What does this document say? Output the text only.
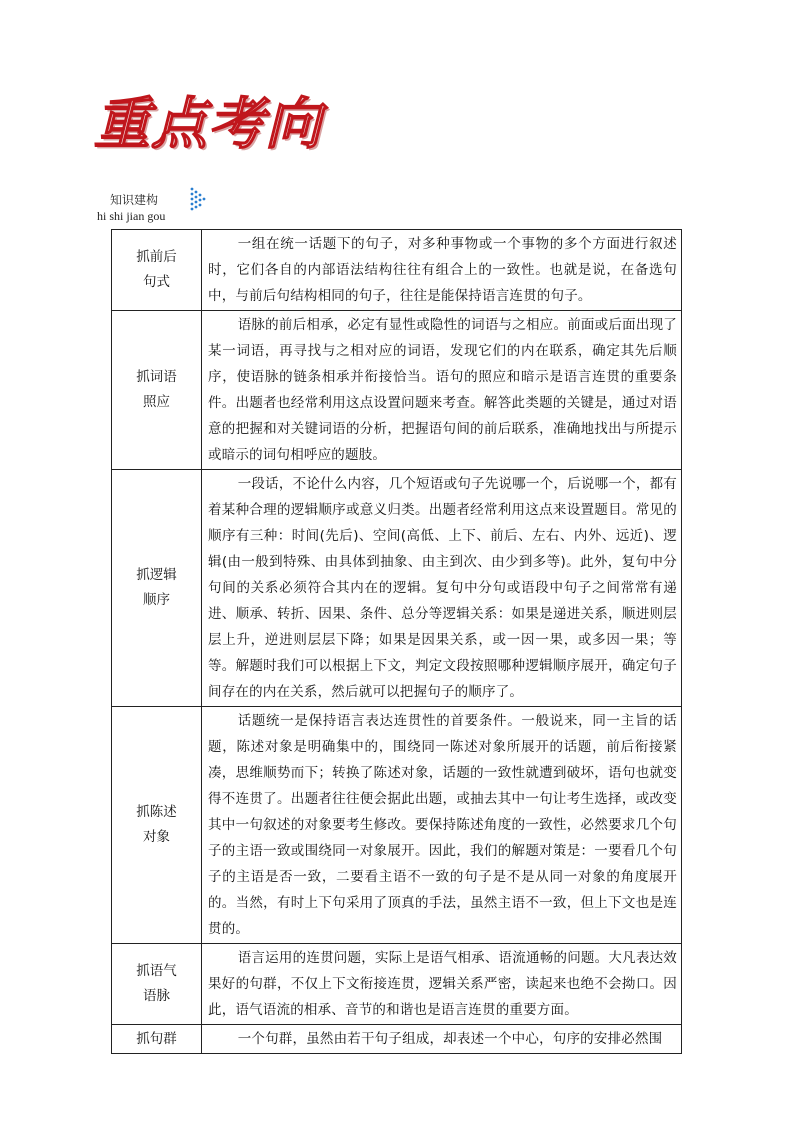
重点考向
知识建构
hi shi jian gou
抓前后
句式	一组在统一话题下的句子，对多种事物或一个事物的多个方面进行叙述时，它们各自的内部语法结构往往有组合上的一致性。也就是说，在备选句中，与前后句结构相同的句子，往往是能保持语言连贯的句子。

抓词语
照应	语脉的前后相承，必定有显性或隐性的词语与之相应。前面或后面出现了某一词语，再寻找与之相对应的词语，发现它们的内在联系，确定其先后顺序，使语脉的链条相承并衔接恰当。语句的照应和暗示是语言连贯的重要条件。出题者也经常利用这点设置问题来考查。解答此类题的关键是，通过对语意的把握和对关键词语的分析，把握语句间的前后联系，准确地找出与所提示或暗示的词句相呼应的题肢。

抓逻辑
顺序	一段话，不论什么内容，几个短语或句子先说哪一个，后说哪一个，都有着某种合理的逻辑顺序或意义归类。出题者经常利用这点来设置题目。常见的顺序有三种：时间(先后)、空间(高低、上下、前后、左右、内外、远近)、逻辑(由一般到特殊、由具体到抽象、由主到次、由少到多等)。此外，复句中分句间的关系必须符合其内在的逻辑。复句中分句或语段中句子之间常常有递进、顺承、转折、因果、条件、总分等逻辑关系：如果是递进关系，顺进则层层上升，逆进则层层下降；如果是因果关系，或一因一果，或多因一果；等等。解题时我们可以根据上下文，判定文段按照哪种逻辑顺序展开，确定句子间存在的内在关系，然后就可以把握句子的顺序了。

抓陈述
对象	话题统一是保持语言表达连贯性的首要条件。一般说来，同一主旨的话题，陈述对象是明确集中的，围绕同一陈述对象所展开的话题，前后衔接紧凑，思维顺势而下；转换了陈述对象，话题的一致性就遭到破坏，语句也就变得不连贯了。出题者往往便会据此出题，或抽去其中一句让考生选择，或改变其中一句叙述的对象要考生修改。要保持陈述角度的一致性，必然要求几个句子的主语一致或围绕同一对象展开。因此，我们的解题对策是：一要看几个句子的主语是否一致，二要看主语不一致的句子是不是从同一对象的角度展开的。当然，有时上下句采用了顶真的手法，虽然主语不一致，但上下文也是连贯的。

抓语气
语脉	语言运用的连贯问题，实际上是语气相承、语流通畅的问题。大凡表达效果好的句群，不仅上下文衔接连贯，逻辑关系严密，读起来也绝不会拗口。因此，语气语流的相承、音节的和谐也是语言连贯的重要方面。

抓句群	一个句群，虽然由若干句子组成，却表述一个中心，句序的安排必然围
